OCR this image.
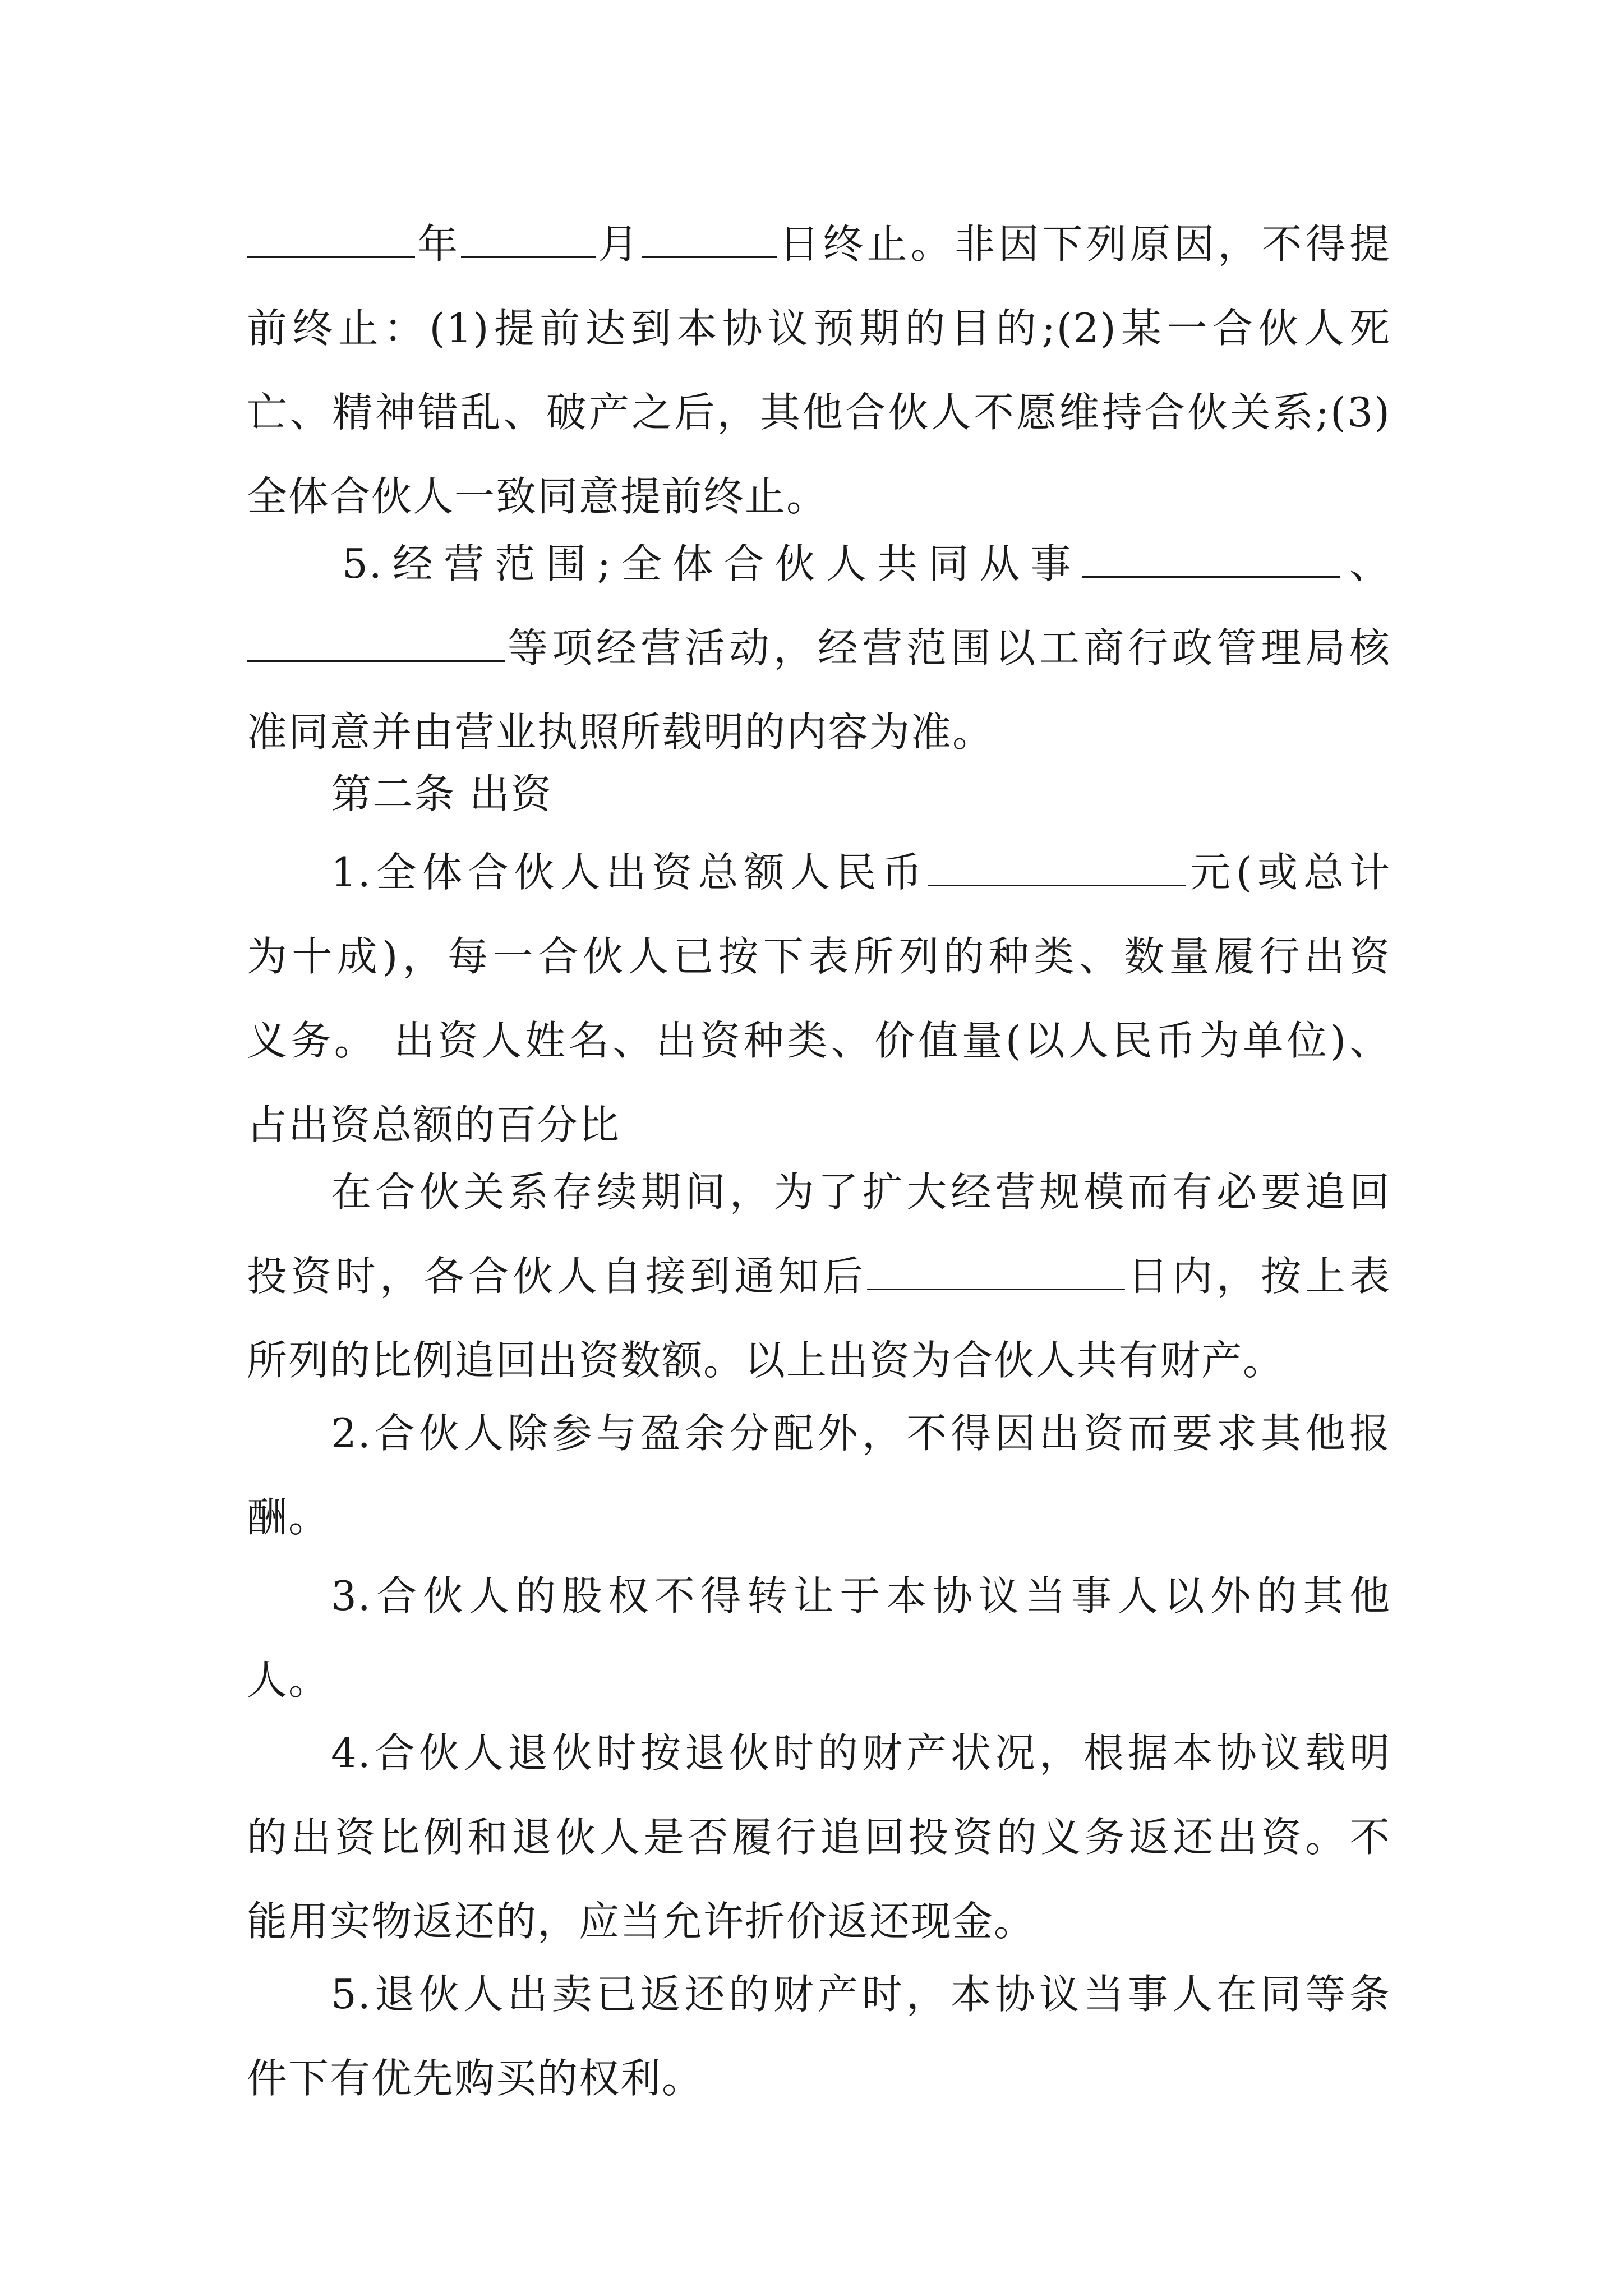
年	月	日终止。非因下列原因，不得提
前终止：(1)提前达到本协议预期的目的;(2)某一合伙人死
亡、精神错乱、破产之后，其他合伙人不愿维持合伙关系;(3)
全体合伙人一致同意提前终止。
5.经营范围;全体合伙人共同从事	、
等项经营活动，经营范围以工商行政管理局核
准同意并由营业执照所载明的内容为准。
第二条 出资
1.全体合伙人出资总额人民币	元(或总计
为十成)，每一合伙人已按下表所列的种类、数量履行出资
义务。 出资人姓名、出资种类、价值量(以人民币为单位)、
占出资总额的百分比
在合伙关系存续期间，为了扩大经营规模而有必要追回
投资时，各合伙人自接到通知后	日内，按上表
所列的比例追回出资数额。以上出资为合伙人共有财产。
2.合伙人除参与盈余分配外，不得因出资而要求其他报
酬。
3.合伙人的股权不得转让于本协议当事人以外的其他
人。
4.合伙人退伙时按退伙时的财产状况，根据本协议载明
的出资比例和退伙人是否履行追回投资的义务返还出资。不
能用实物返还的，应当允许折价返还现金。
5.退伙人出卖已返还的财产时，本协议当事人在同等条
件下有优先购买的权利。
